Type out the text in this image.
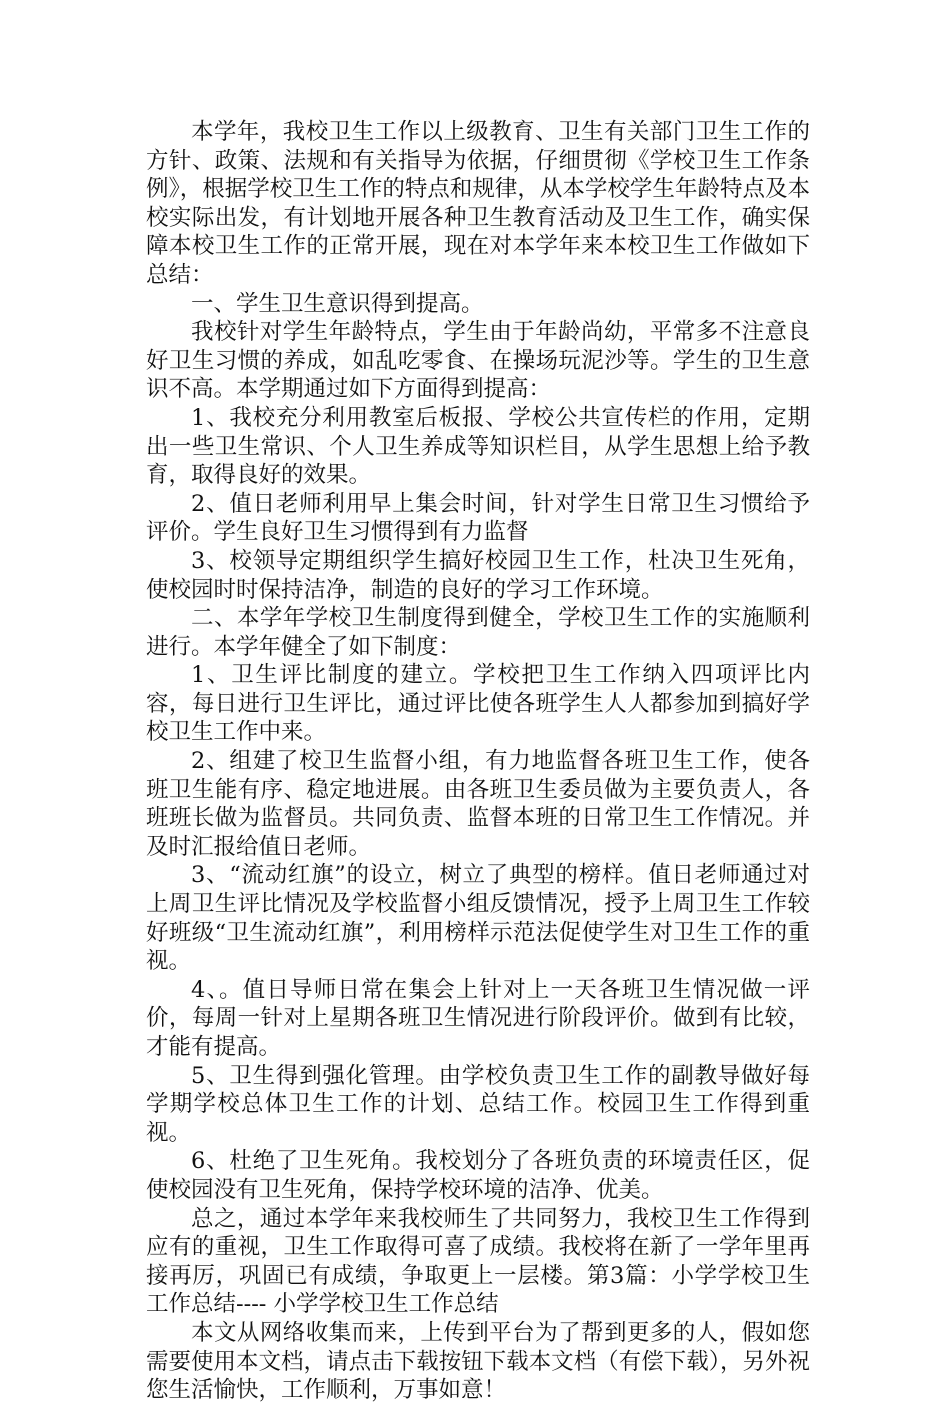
本学年，我校卫生工作以上级教育、卫生有关部门卫生工作的方针、政策、法规和有关指导为依据，仔细贯彻《学校卫生工作条例》，根据学校卫生工作的特点和规律，从本学校学生年龄特点及本校实际出发，有计划地开展各种卫生教育活动及卫生工作，确实保障本校卫生工作的正常开展，现在对本学年来本校卫生工作做如下总结：

一、学生卫生意识得到提高。

我校针对学生年龄特点，学生由于年龄尚幼，平常多不注意良好卫生习惯的养成，如乱吃零食、在操场玩泥沙等。学生的卫生意识不高。本学期通过如下方面得到提高：

1、我校充分利用教室后板报、学校公共宣传栏的作用，定期出一些卫生常识、个人卫生养成等知识栏目，从学生思想上给予教育，取得良好的效果。

2、值日老师利用早上集会时间，针对学生日常卫生习惯给予评价。学生良好卫生习惯得到有力监督

3、校领导定期组织学生搞好校园卫生工作，杜决卫生死角，使校园时时保持洁净，制造的良好的学习工作环境。

二、本学年学校卫生制度得到健全，学校卫生工作的实施顺利进行。本学年健全了如下制度：

1、卫生评比制度的建立。学校把卫生工作纳入四项评比内容，每日进行卫生评比，通过评比使各班学生人人都参加到搞好学校卫生工作中来。

2、组建了校卫生监督小组，有力地监督各班卫生工作，使各班卫生能有序、稳定地进展。由各班卫生委员做为主要负责人，各班班长做为监督员。共同负责、监督本班的日常卫生工作情况。并及时汇报给值日老师。

3、“流动红旗”的设立，树立了典型的榜样。值日老师通过对上周卫生评比情况及学校监督小组反馈情况，授予上周卫生工作较好班级“卫生流动红旗”，利用榜样示范法促使学生对卫生工作的重视。

4、。值日导师日常在集会上针对上一天各班卫生情况做一评价，每周一针对上星期各班卫生情况进行阶段评价。做到有比较，才能有提高。

5、卫生得到强化管理。由学校负责卫生工作的副教导做好每学期学校总体卫生工作的计划、总结工作。校园卫生工作得到重视。

6、杜绝了卫生死角。我校划分了各班负责的环境责任区，促使校园没有卫生死角，保持学校环境的洁净、优美。

总之，通过本学年来我校师生了共同努力，我校卫生工作得到应有的重视，卫生工作取得可喜了成绩。我校将在新了一学年里再接再厉，巩固已有成绩，争取更上一层楼。第3篇：小学学校卫生工作总结---- 小学学校卫生工作总结

本文从网络收集而来，上传到平台为了帮到更多的人，假如您需要使用本文档，请点击下载按钮下载本文档（有偿下载），另外祝您生活愉快，工作顺利，万事如意！
